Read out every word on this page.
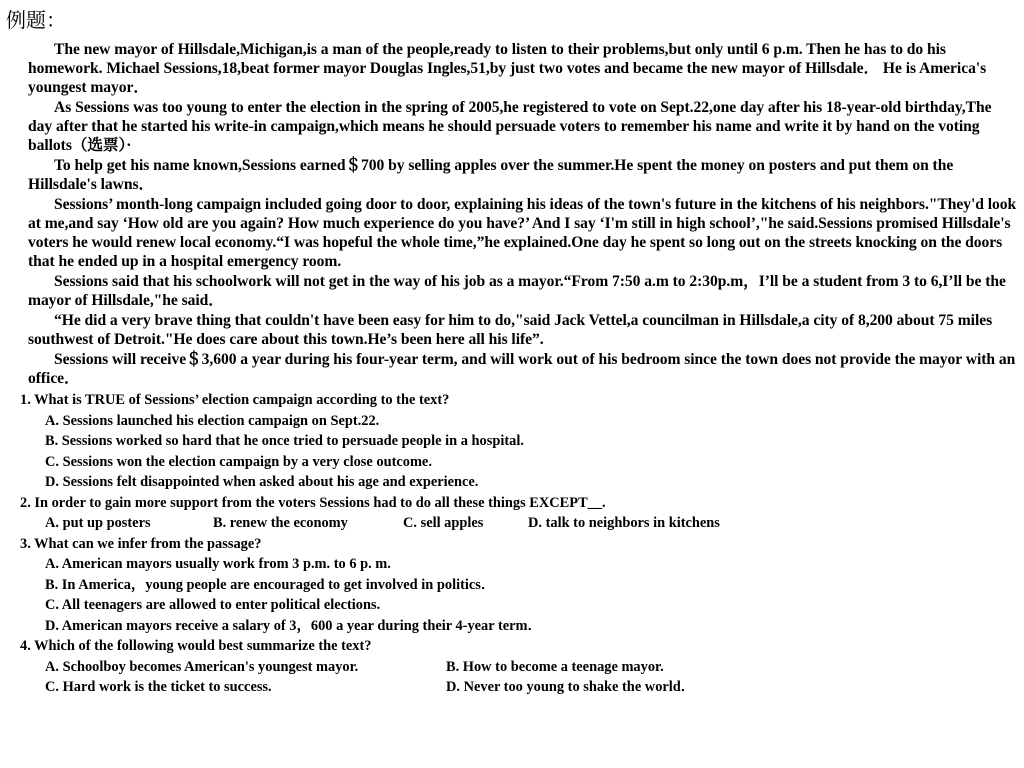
例题：

The new mayor of Hillsdale,Michigan,is a man of the people,ready to listen to their problems,but only until 6 p.m. Then he has to do his homework. Michael Sessions,18,beat former mayor Douglas Ingles,51,by just two votes and became the new mayor of Hillsdale． He is America's youngest mayor．

As Sessions was too young to enter the election in the spring of 2005,he registered to vote on Sept.22,one day after his 18-year-old birthday,The day after that he started his write-in campaign,which means he should persuade voters to remember his name and write it by hand on the voting ballots（选票）·

To help get his name known,Sessions earned＄700 by selling apples over the summer.He spent the money on posters and put them on the Hillsdale's lawns．

Sessions’ month-long campaign included going door to door, explaining his ideas of the town's future in the kitchens of his neighbors."They'd look at me,and say ‘How old are you again? How much experience do you have?’ And I say ‘I'm still in high school’,"he said.Sessions promised Hillsdale's voters he would renew local economy.“I was hopeful the whole time,”he explained.One day he spent so long out on the streets knocking on the doors that he ended up in a hospital emergency room.

Sessions said that his schoolwork will not get in the way of his job as a mayor.“From 7:50 a.m to 2:30p.m，I’ll be a student from 3 to 6,I’ll be the mayor of Hillsdale,"he said．

“He did a very brave thing that couldn't have been easy for him to do,"said Jack Vettel,a councilman in Hillsdale,a city of 8,200 about 75 miles southwest of Detroit."He does care about this town.He’s been here all his life”.

Sessions will receive＄3,600 a year during his four-year term, and will work out of his bedroom since the town does not provide the mayor with an office．

1. What is TRUE of Sessions’ election campaign according to the text?
A. Sessions launched his election campaign on Sept.22.
B. Sessions worked so hard that he once tried to persuade people in a hospital.
C. Sessions won the election campaign by a very close outcome.
D. Sessions felt disappointed when asked about his age and experience.
2. In order to gain more support from the voters Sessions had to do all these things EXCEPT__.
A. put up posters	B. renew the economy	C. sell apples	D. talk to neighbors in kitchens
3. What can we infer from the passage?
A. American mayors usually work from 3 p.m. to 6 p. m.
B. In America，young people are encouraged to get involved in politics．
C. All teenagers are allowed to enter political elections.
D. American mayors receive a salary of 3，600 a year during their 4-year term．
4. Which of the following would best summarize the text?
A. Schoolboy becomes American's youngest mayor.	B. How to become a teenage mayor.
C. Hard work is the ticket to success.	D. Never too young to shake the world．
